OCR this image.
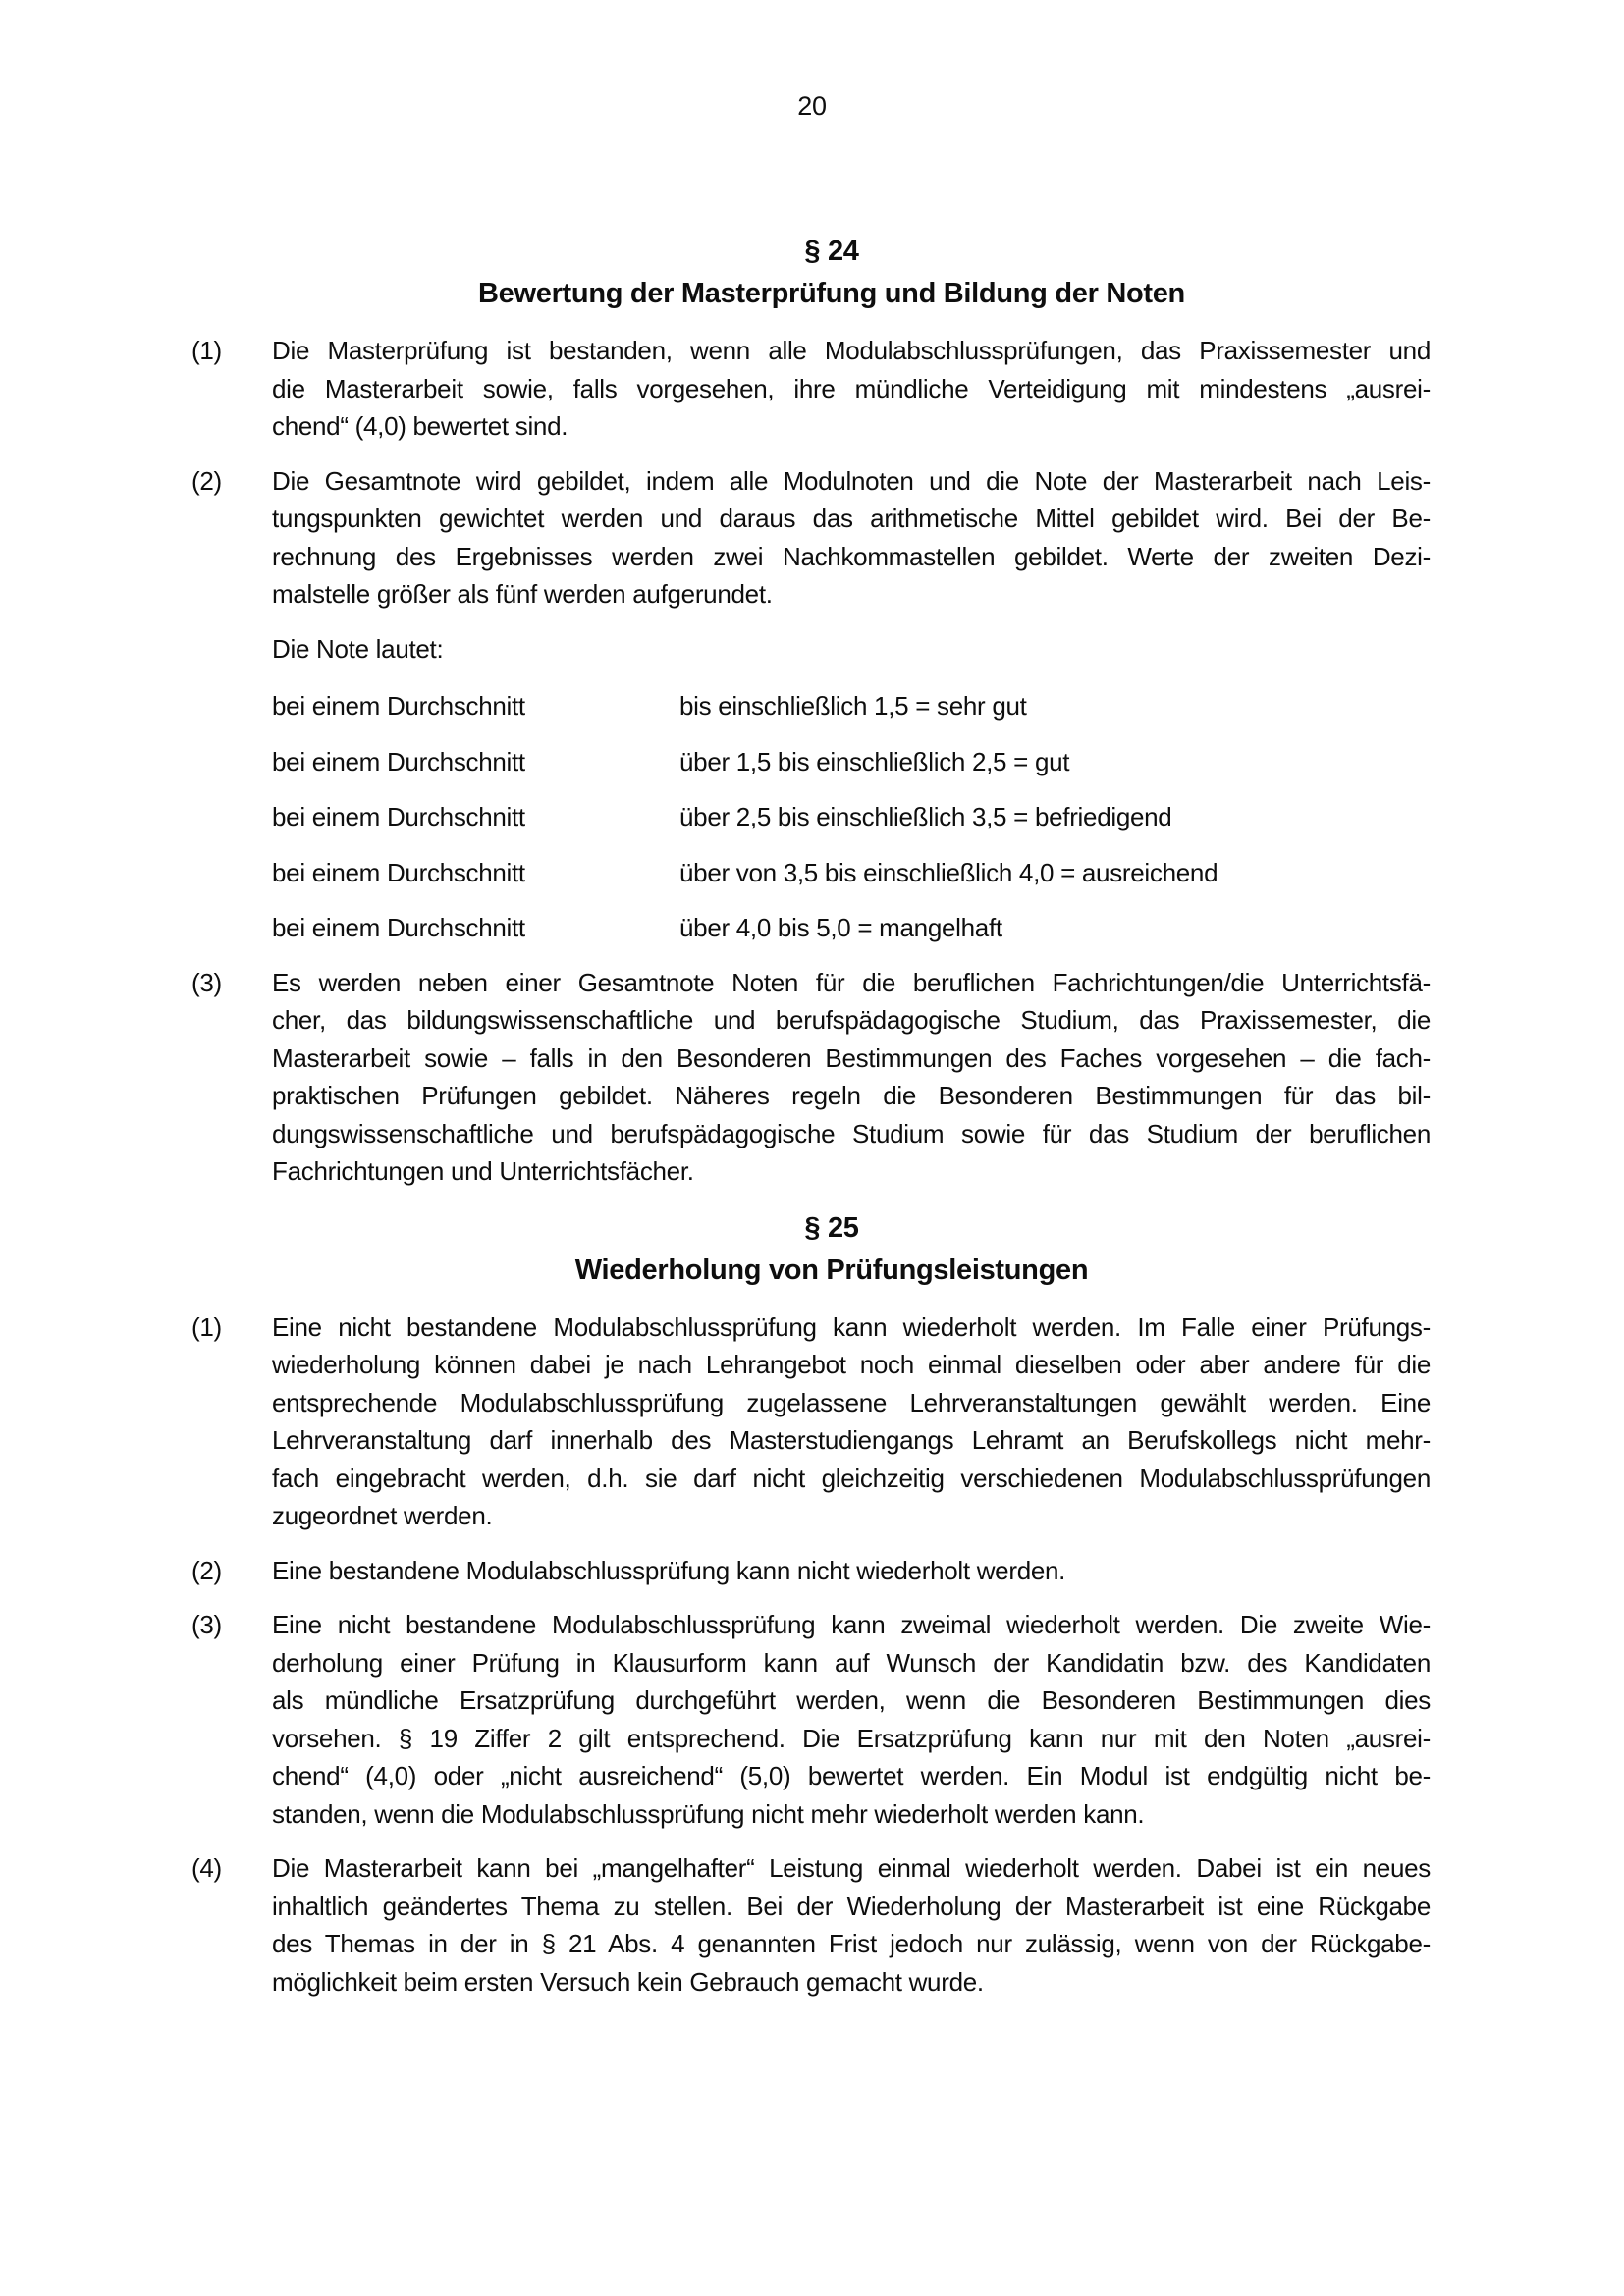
20
§ 24
Bewertung der Masterprüfung und Bildung der Noten
(1) Die Masterprüfung ist bestanden, wenn alle Modulabschlussprüfungen, das Praxissemester und
die Masterarbeit sowie, falls vorgesehen, ihre mündliche Verteidigung mit mindestens „ausrei-
chend“ (4,0) bewertet sind.
(2) Die Gesamtnote wird gebildet, indem alle Modulnoten und die Note der Masterarbeit nach Leis-
tungspunkten gewichtet werden und daraus das arithmetische Mittel gebildet wird. Bei der Be-
rechnung des Ergebnisses werden zwei Nachkommastellen gebildet. Werte der zweiten Dezi-
malstelle größer als fünf werden aufgerundet.
Die Note lautet:
bei einem Durchschnitt	bis einschließlich 1,5 = sehr gut
bei einem Durchschnitt	über 1,5 bis einschließlich 2,5 = gut
bei einem Durchschnitt	über 2,5 bis einschließlich 3,5 = befriedigend
bei einem Durchschnitt	über von 3,5 bis einschließlich 4,0 = ausreichend
bei einem Durchschnitt	über 4,0 bis 5,0 = mangelhaft
(3) Es werden neben einer Gesamtnote Noten für die beruflichen Fachrichtungen/die Unterrichtsfä-
cher, das bildungswissenschaftliche und berufspädagogische Studium, das Praxissemester, die
Masterarbeit sowie – falls in den Besonderen Bestimmungen des Faches vorgesehen – die fach-
praktischen Prüfungen gebildet. Näheres regeln die Besonderen Bestimmungen für das bil-
dungswissenschaftliche und berufspädagogische Studium sowie für das Studium der beruflichen
Fachrichtungen und Unterrichtsfächer.
§ 25
Wiederholung von Prüfungsleistungen
(1) Eine nicht bestandene Modulabschlussprüfung kann wiederholt werden. Im Falle einer Prüfungs-
wiederholung können dabei je nach Lehrangebot noch einmal dieselben oder aber andere für die
entsprechende Modulabschlussprüfung zugelassene Lehrveranstaltungen gewählt werden. Eine
Lehrveranstaltung darf innerhalb des Masterstudiengangs Lehramt an Berufskollegs nicht mehr-
fach eingebracht werden, d.h. sie darf nicht gleichzeitig verschiedenen Modulabschlussprüfungen
zugeordnet werden.
(2) Eine bestandene Modulabschlussprüfung kann nicht wiederholt werden.
(3) Eine nicht bestandene Modulabschlussprüfung kann zweimal wiederholt werden. Die zweite Wie-
derholung einer Prüfung in Klausurform kann auf Wunsch der Kandidatin bzw. des Kandidaten
als mündliche Ersatzprüfung durchgeführt werden, wenn die Besonderen Bestimmungen dies
vorsehen. § 19 Ziffer 2 gilt entsprechend. Die Ersatzprüfung kann nur mit den Noten „ausrei-
chend“ (4,0) oder „nicht ausreichend“ (5,0) bewertet werden. Ein Modul ist endgültig nicht be-
standen, wenn die Modulabschlussprüfung nicht mehr wiederholt werden kann.
(4) Die Masterarbeit kann bei „mangelhafter“ Leistung einmal wiederholt werden. Dabei ist ein neues
inhaltlich geändertes Thema zu stellen. Bei der Wiederholung der Masterarbeit ist eine Rückgabe
des Themas in der in § 21 Abs. 4 genannten Frist jedoch nur zulässig, wenn von der Rückgabe-
möglichkeit beim ersten Versuch kein Gebrauch gemacht wurde.
